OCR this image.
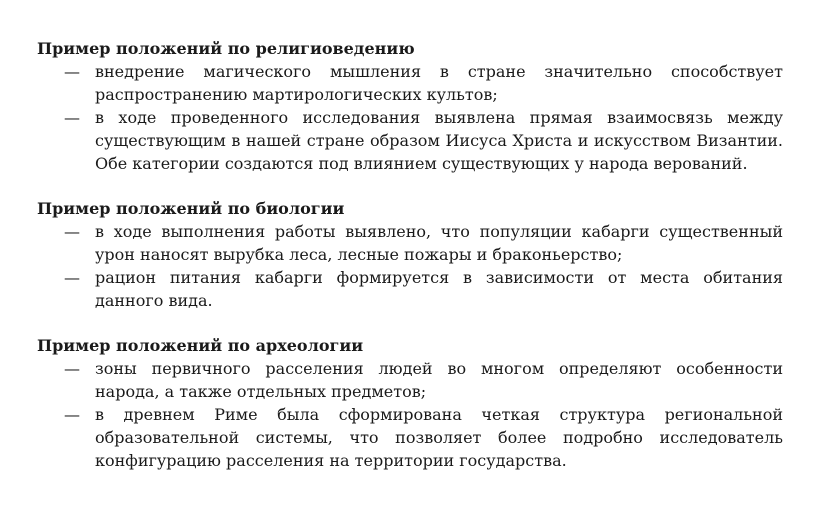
Пример положений по религиоведению

— внедрение магического мышления в стране значительно способствует распространению мартирологических культов;
— в ходе проведенного исследования выявлена прямая взаимосвязь между существующим в нашей стране образом Иисуса Христа и искусством Византии. Обе категории создаются под влиянием существующих у народа верований.

Пример положений по биологии

— в ходе выполнения работы выявлено, что популяции кабарги существенный урон наносят вырубка леса, лесные пожары и браконьерство;
— рацион питания кабарги формируется в зависимости от места обитания данного вида.

Пример положений по археологии

— зоны первичного расселения людей во многом определяют особенности народа, а также отдельных предметов;
— в древнем Риме была сформирована четкая структура региональной образовательной системы, что позволяет более подробно исследователь конфигурацию расселения на территории государства.
